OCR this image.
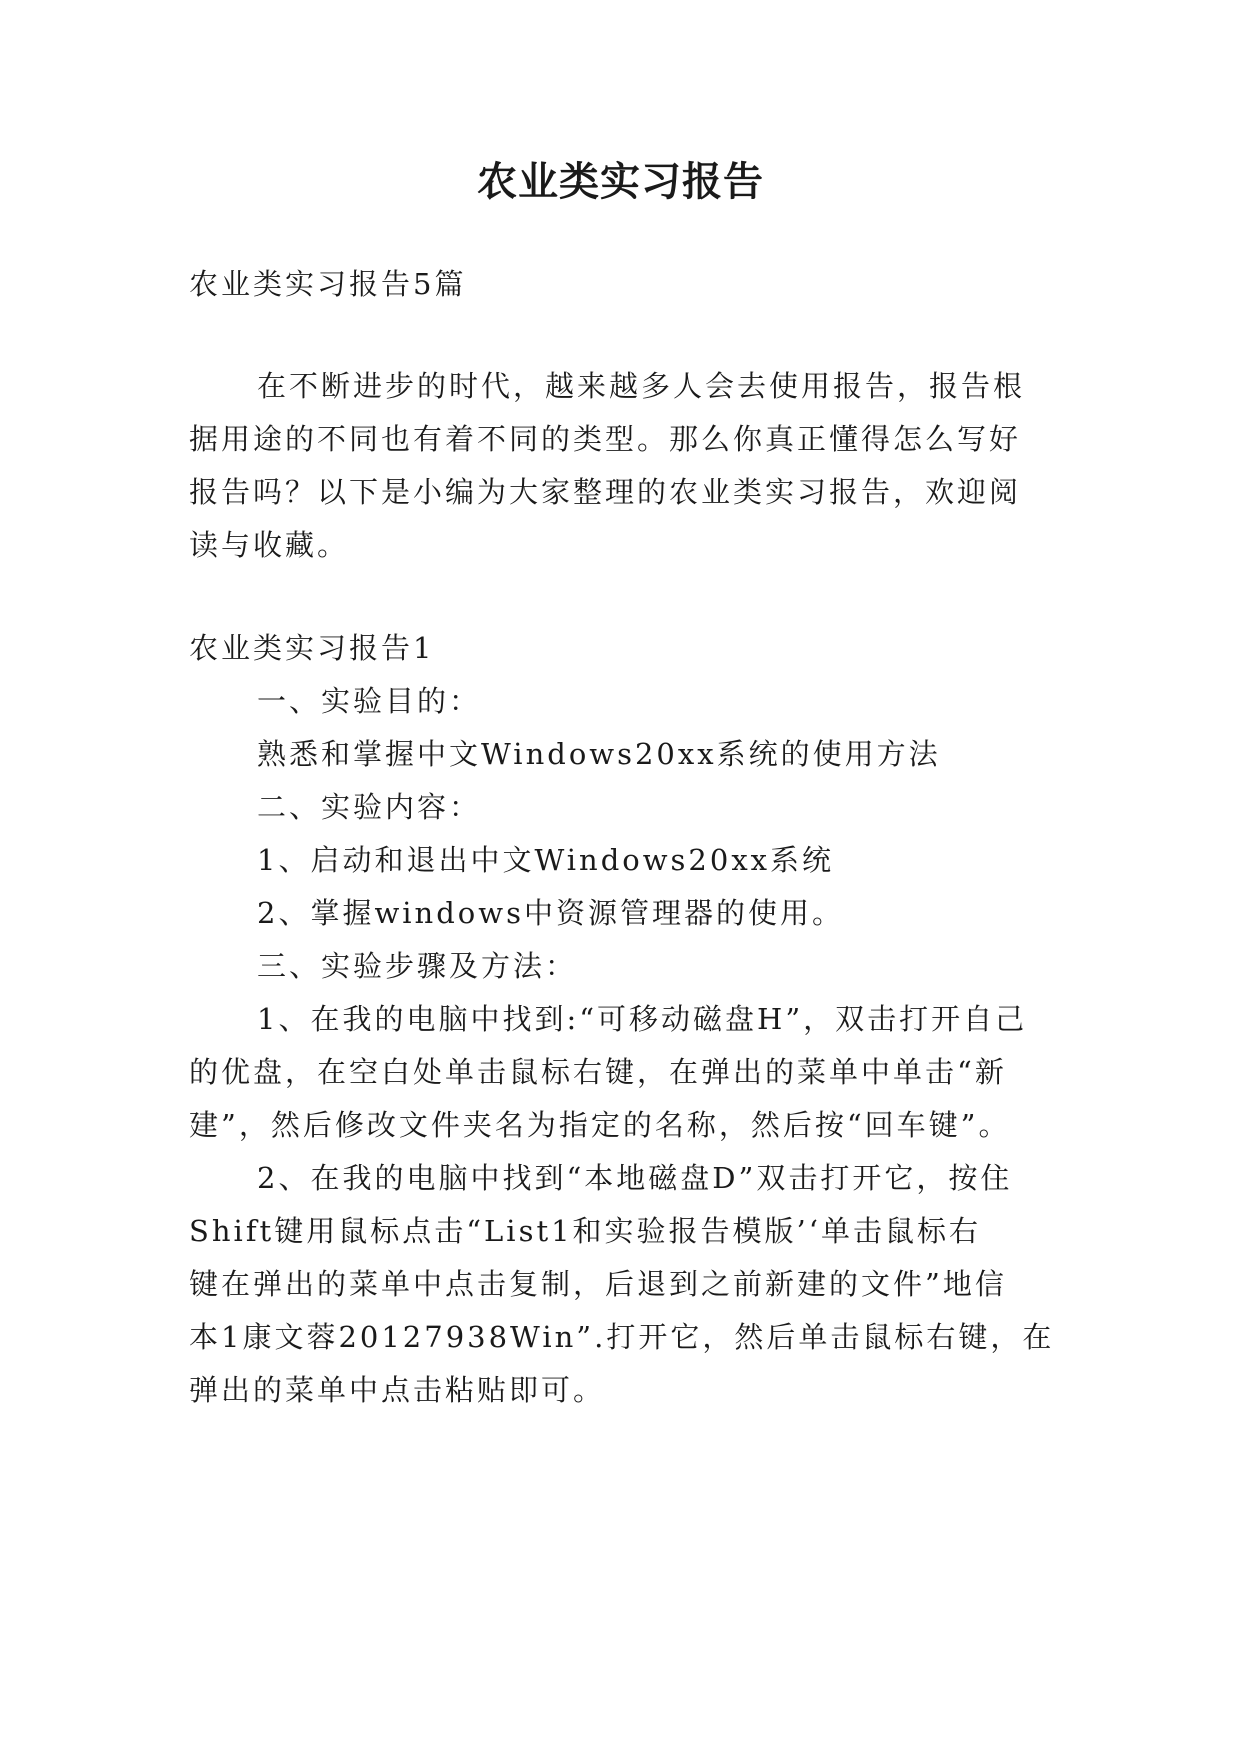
农业类实习报告
农业类实习报告5篇
在不断进步的时代，越来越多人会去使用报告，报告根
据用途的不同也有着不同的类型。那么你真正懂得怎么写好
报告吗？以下是小编为大家整理的农业类实习报告，欢迎阅
读与收藏。
农业类实习报告1
一、实验目的：
熟悉和掌握中文Windows20xx系统的使用方法
二、实验内容：
1、启动和退出中文Windows20xx系统
2、掌握windows中资源管理器的使用。
三、实验步骤及方法：
1、在我的电脑中找到:“可移动磁盘H”，双击打开自己
的优盘，在空白处单击鼠标右键，在弹出的菜单中单击“新
建”，然后修改文件夹名为指定的名称，然后按“回车键”。
2、在我的电脑中找到“本地磁盘D”双击打开它，按住
Shift键用鼠标点击“List1和实验报告模版’‘单击鼠标右
键在弹出的菜单中点击复制，后退到之前新建的文件”地信
本1康文蓉20127938Win”.打开它，然后单击鼠标右键，在
弹出的菜单中点击粘贴即可。
